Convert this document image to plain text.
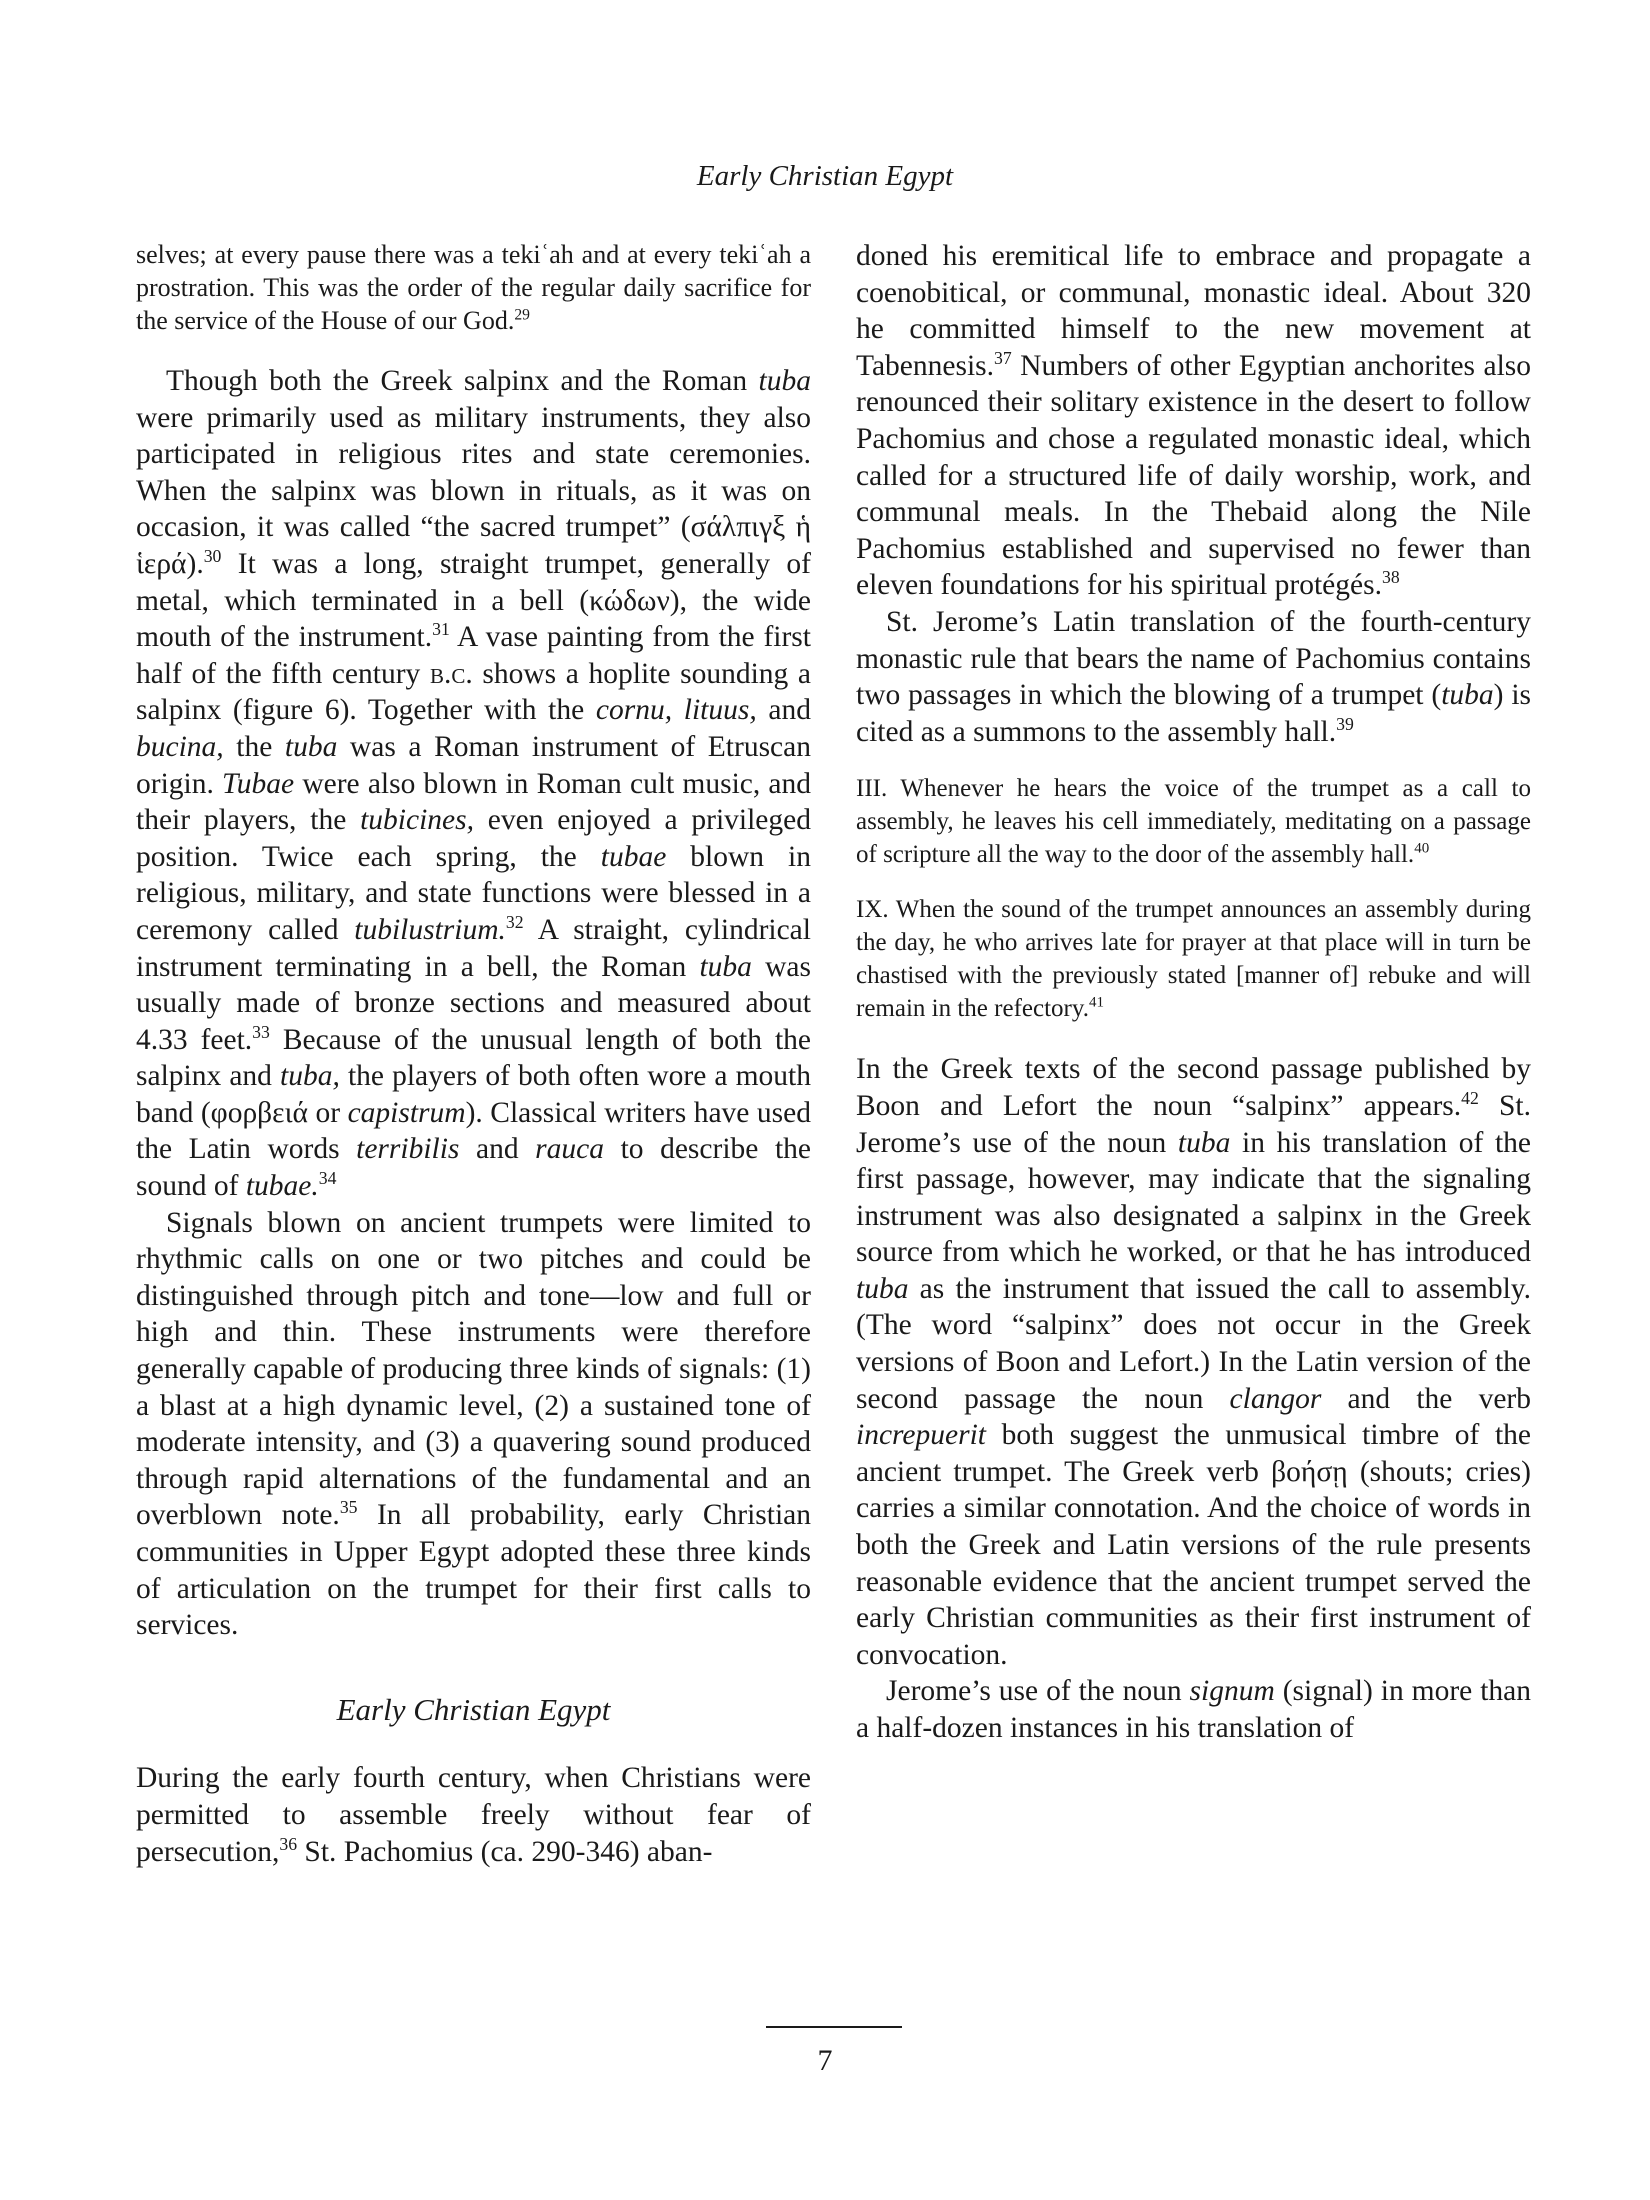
Early Christian Egypt

selves; at every pause there was a tekiʿah and at every tekiʿah a prostration. This was the order of the regular daily sacrifice for the service of the House of our God.$^{29}$

Though both the Greek salpinx and the Roman tuba were primarily used as military instruments, they also participated in religious rites and state ceremonies. When the salpinx was blown in rituals, as it was on occasion, it was called “the sacred trumpet” (σάλπιγξ ἡ ἱερά).$^{30}$ It was a long, straight trumpet, generally of metal, which terminated in a bell (κώδων), the wide mouth of the instrument.$^{31}$ A vase painting from the first half of the fifth century b.c. shows a hoplite sounding a salpinx (figure 6). Together with the cornu, lituus, and bucina, the tuba was a Roman instrument of Etruscan origin. Tubae were also blown in Roman cult music, and their players, the tubicines, even enjoyed a privileged position. Twice each spring, the tubae blown in religious, military, and state functions were blessed in a ceremony called tubilustrium.$^{32}$ A straight, cylindrical instrument terminating in a bell, the Roman tuba was usually made of bronze sections and measured about 4.33 feet.$^{33}$ Because of the unusual length of both the salpinx and tuba, the players of both often wore a mouth band (φορβειά or capistrum). Classical writers have used the Latin words terribilis and rauca to describe the sound of tubae.$^{34}$

Signals blown on ancient trumpets were limited to rhythmic calls on one or two pitches and could be distinguished through pitch and tone—low and full or high and thin. These instruments were therefore generally capable of producing three kinds of signals: (1) a blast at a high dynamic level, (2) a sustained tone of moderate intensity, and (3) a quavering sound produced through rapid alternations of the fundamental and an overblown note.$^{35}$ In all probability, early Christian communities in Upper Egypt adopted these three kinds of articulation on the trumpet for their first calls to services.

Early Christian Egypt

During the early fourth century, when Christians were permitted to assemble freely without fear of persecution,$^{36}$ St. Pachomius (ca. 290-346) aban-

doned his eremitical life to embrace and propagate a coenobitical, or communal, monastic ideal. About 320 he committed himself to the new movement at Tabennesis.$^{37}$ Numbers of other Egyptian anchorites also renounced their solitary existence in the desert to follow Pachomius and chose a regulated monastic ideal, which called for a structured life of daily worship, work, and communal meals. In the Thebaid along the Nile Pachomius established and supervised no fewer than eleven foundations for his spiritual protégés.$^{38}$

St. Jerome’s Latin translation of the fourth-century monastic rule that bears the name of Pachomius contains two passages in which the blowing of a trumpet (tuba) is cited as a summons to the assembly hall.$^{39}$

III. Whenever he hears the voice of the trumpet as a call to assembly, he leaves his cell immediately, meditating on a passage of scripture all the way to the door of the assembly hall.$^{40}$

IX. When the sound of the trumpet announces an assembly during the day, he who arrives late for prayer at that place will in turn be chastised with the previously stated [manner of] rebuke and will remain in the refectory.$^{41}$

In the Greek texts of the second passage published by Boon and Lefort the noun “salpinx” appears.$^{42}$ St. Jerome’s use of the noun tuba in his translation of the first passage, however, may indicate that the signaling instrument was also designated a salpinx in the Greek source from which he worked, or that he has introduced tuba as the instrument that issued the call to assembly. (The word “salpinx” does not occur in the Greek versions of Boon and Lefort.) In the Latin version of the second passage the noun clangor and the verb increpuerit both suggest the unmusical timbre of the ancient trumpet. The Greek verb βοήσῃ (shouts; cries) carries a similar connotation. And the choice of words in both the Greek and Latin versions of the rule presents reasonable evidence that the ancient trumpet served the early Christian communities as their first instrument of convocation.

Jerome’s use of the noun signum (signal) in more than a half-dozen instances in his translation of

7
